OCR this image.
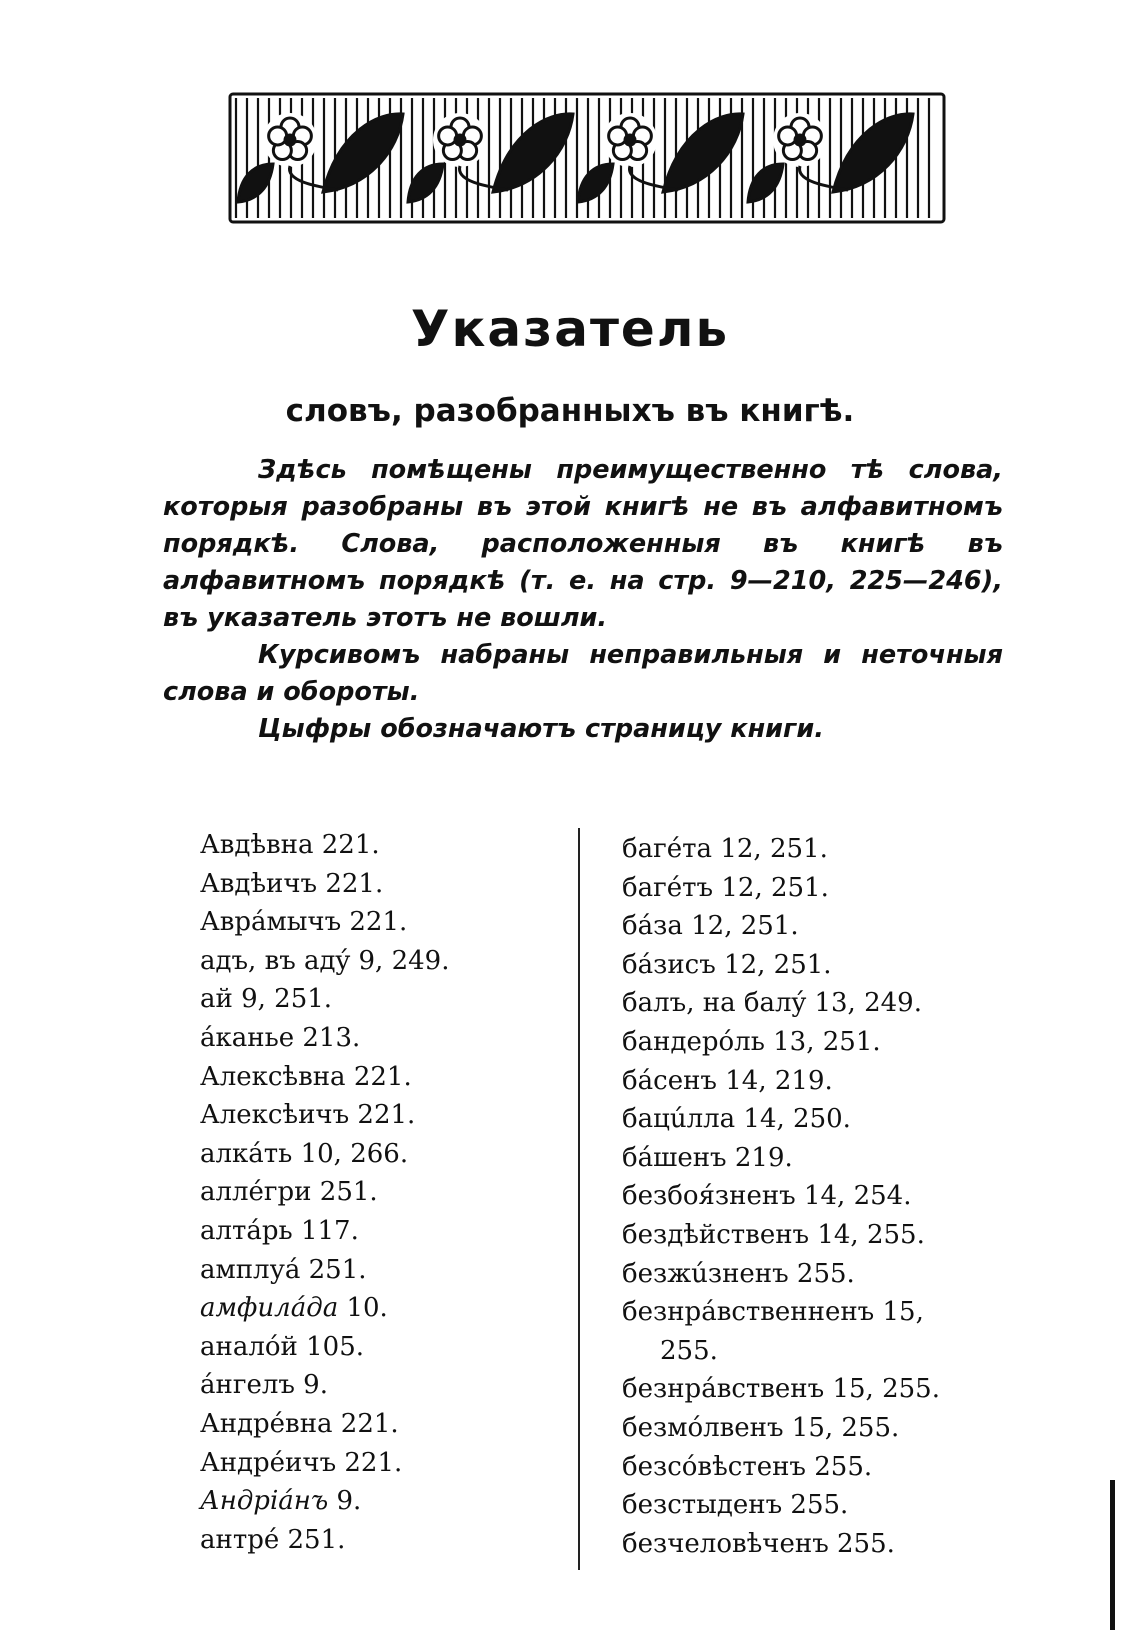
Указатель
словъ, разобранныхъ въ книгѣ.

Здѣсь помѣщены преимущественно тѣ слова, которыя разобраны въ этой книгѣ не въ алфавитномъ порядкѣ. Слова, расположенныя въ книгѣ въ алфавитномъ порядкѣ (т. е. на стр. 9—210, 225—246), въ указатель этотъ не вошли.

Курсивомъ набраны неправильныя и неточныя слова и обороты.

Цыфры обозначаютъ страницу книги.

Авдѣвна 221.
Авдѣичъ 221.
Аврáмычъ 221.
адъ, въ адý 9, 249.
ай 9, 251.
áканье 213.
Алексѣвна 221.
Алексѣичъ 221.
алкáть 10, 266.
аллéгри 251.
алтáрь 117.
амплуá 251.
амфилáда 10.
аналóй 105.
áнгелъ 9.
Андрéвна 221.
Андрéичъ 221.
Андрiáнъ 9.
антрé 251.
багéта 12, 251.
багéтъ 12, 251.
бáза 12, 251.
бáзисъ 12, 251.
балъ, на балý 13, 249.
бандерóль 13, 251.
бáсенъ 14, 219.
бацúлла 14, 250.
бáшенъ 219.
безбоя́зненъ 14, 254.
бездѣйственъ 14, 255.
безжúзненъ 255.
безнрáвственненъ 15,
255.
безнрáвственъ 15, 255.
безмóлвенъ 15, 255.
безсóвѣстенъ 255.
безстыденъ 255.
безчеловѣченъ 255.
